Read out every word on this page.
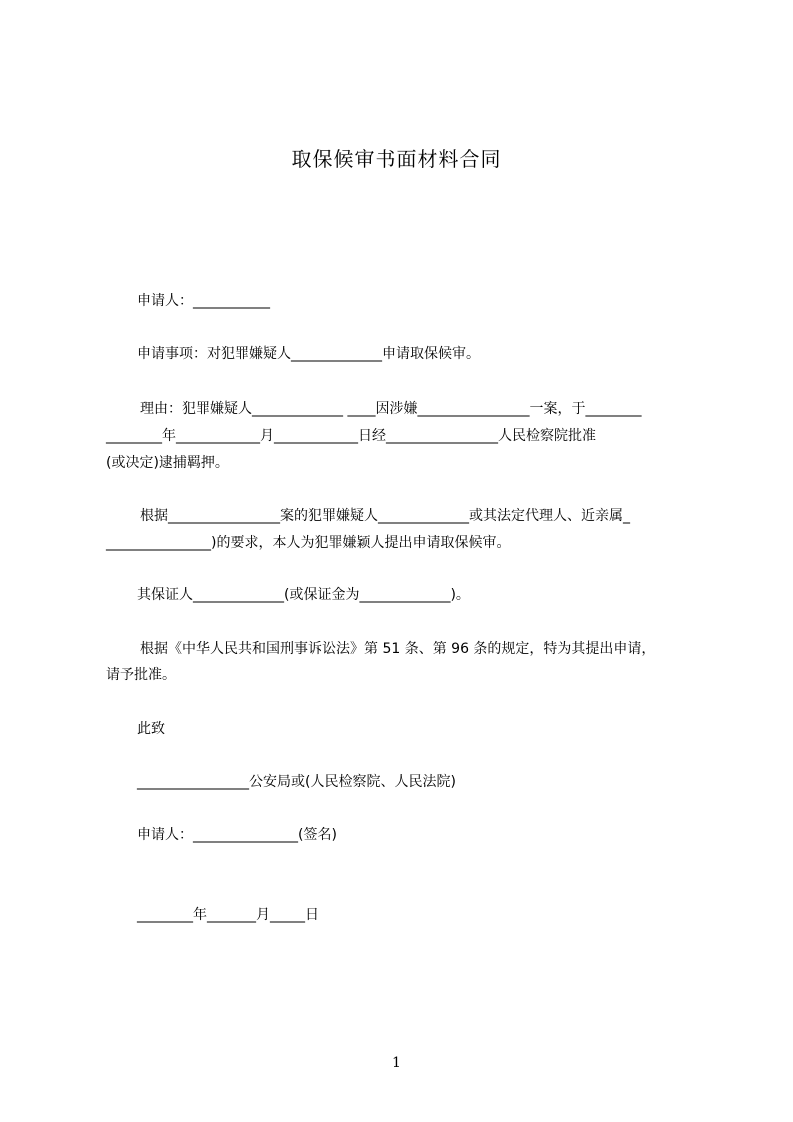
取保候审书面材料合同
申请人：___________
申请事项：对犯罪嫌疑人_____________申请取保候审。
理由：犯罪嫌疑人_____________ ____因涉嫌________________一案，于________
________年____________月____________日经________________人民检察院批准
(或决定)逮捕羁押。
根据________________案的犯罪嫌疑人_____________或其法定代理人、近亲属_
_______________)的要求，本人为犯罪嫌颖人提出申请取保候审。
其保证人_____________(或保证金为_____________)。
根据《中华人民共和国刑事诉讼法》第 51 条、第 96 条的规定，特为其提出申请，
请予批准。
此致
________________公安局或(人民检察院、人民法院)
申请人：_______________(签名)
________年_______月_____日
1
